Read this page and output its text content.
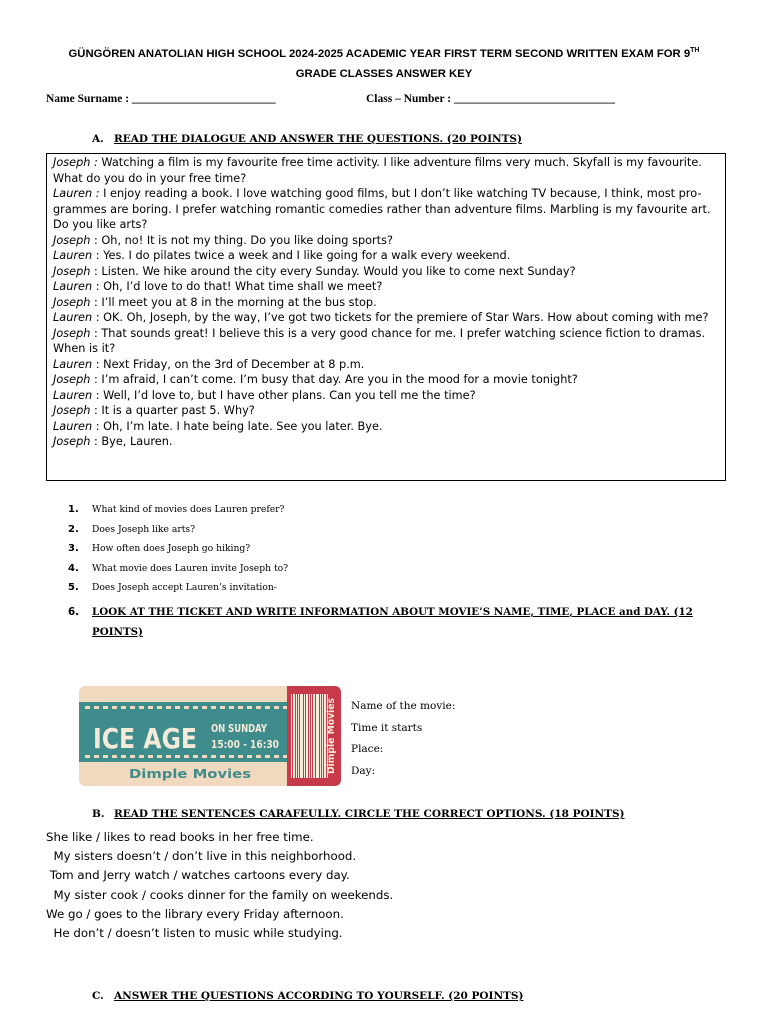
GÜNGÖREN ANATOLIAN HIGH SCHOOL 2024-2025 ACADEMIC YEAR FIRST TERM SECOND WRITTEN EXAM FOR 9TH
GRADE CLASSES ANSWER KEY
Name Surname : _________________________	Class – Number : ____________________________
A. READ THE DIALOGUE AND ANSWER THE QUESTIONS. (20 POINTS)
Joseph : Watching a film is my favourite free time activity. I like adventure films very much. Skyfall is my favourite. What do you do in your free time?
Lauren : I enjoy reading a book. I love watching good films, but I don’t like watching TV because, I think, most pro-grammes are boring. I prefer watching romantic comedies rather than adventure films. Marbling is my favourite art. Do you like arts?
Joseph : Oh, no! It is not my thing. Do you like doing sports?
Lauren : Yes. I do pilates twice a week and I like going for a walk every weekend.
Joseph : Listen. We hike around the city every Sunday. Would you like to come next Sunday?
Lauren : Oh, I’d love to do that! What time shall we meet?
Joseph : I’ll meet you at 8 in the morning at the bus stop.
Lauren : OK. Oh, Joseph, by the way, I’ve got two tickets for the premiere of Star Wars. How about coming with me?
Joseph : That sounds great! I believe this is a very good chance for me. I prefer watching science fiction to dramas. When is it?
Lauren : Next Friday, on the 3rd of December at 8 p.m.
Joseph : I’m afraid, I can’t come. I’m busy that day. Are you in the mood for a movie tonight?
Lauren : Well, I’d love to, but I have other plans. Can you tell me the time?
Joseph : It is a quarter past 5. Why?
Lauren : Oh, I’m late. I hate being late. See you later. Bye.
Joseph : Bye, Lauren.
1. What kind of movies does Lauren prefer?
2. Does Joseph like arts?
3. How often does Joseph go hiking?
4. What movie does Lauren invite Joseph to?
5. Does Joseph accept Lauren’s invitation-
6.	LOOK AT THE TICKET AND WRITE INFORMATION ABOUT MOVIE’S NAME, TIME, PLACE and DAY. (12 POINTS)
ICE AGE ON SUNDAY
15:00 - 16:30
Dimple Movies	Dimple Movies Name of the movie:
Time it starts
Place:
Day:
B. READ THE SENTENCES CARAFEULLY. CIRCLE THE CORRECT OPTIONS. (18 POINTS)
She like / likes to read books in her free time.
My sisters doesn’t / don’t live in this neighborhood.
Tom and Jerry watch / watches cartoons every day.
My sister cook / cooks dinner for the family on weekends.
We go / goes to the library every Friday afternoon.
He don’t / doesn’t listen to music while studying.
C. ANSWER THE QUESTIONS ACCORDING TO YOURSELF. (20 POINTS)
